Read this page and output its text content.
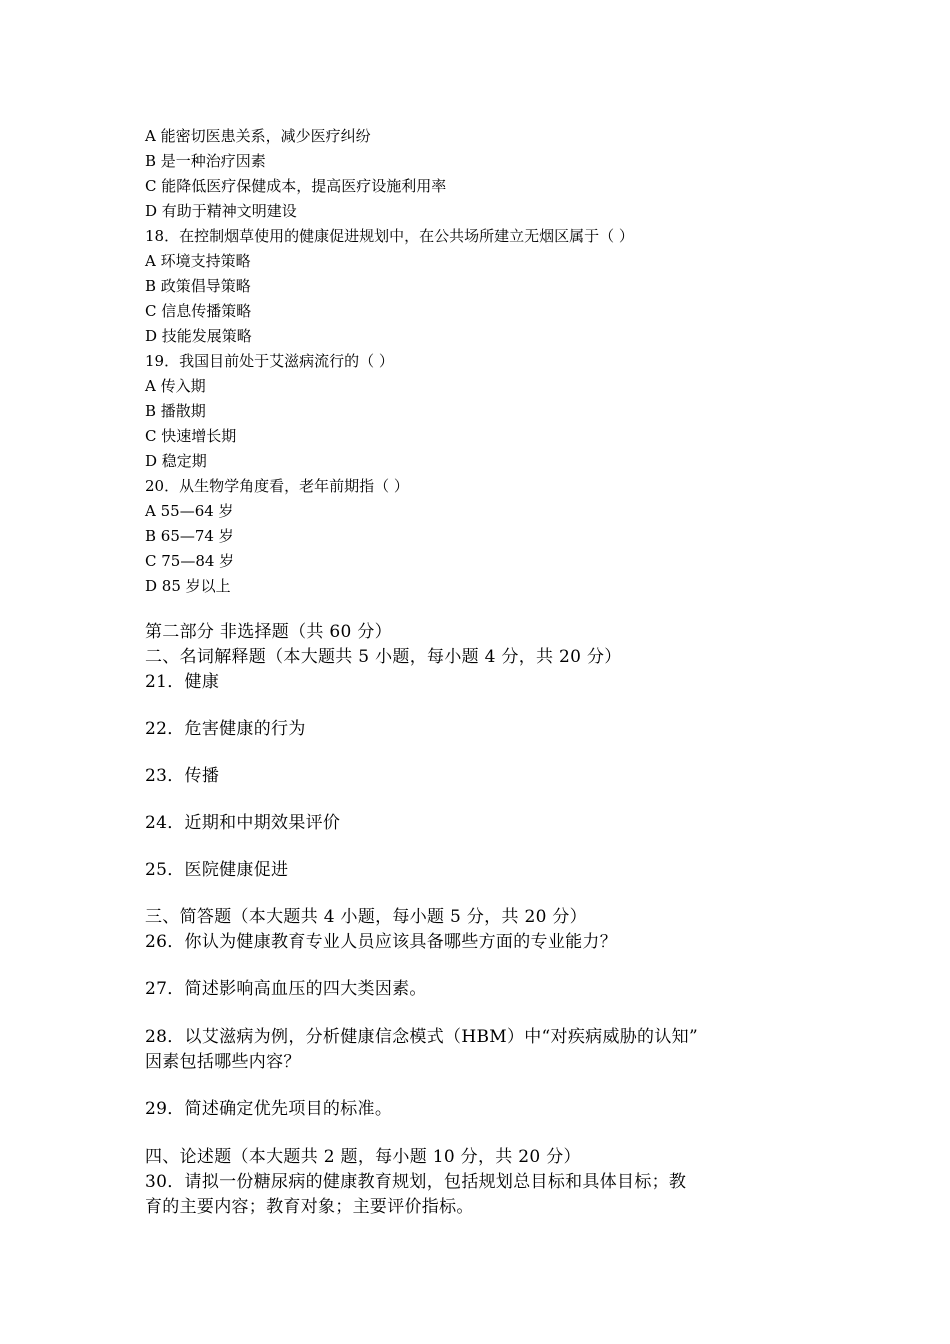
A 能密切医患关系，减少医疗纠纷
B 是一种治疗因素
C 能降低医疗保健成本，提高医疗设施利用率
D 有助于精神文明建设
18．在控制烟草使用的健康促进规划中，在公共场所建立无烟区属于（ ）
A 环境支持策略
B 政策倡导策略
C 信息传播策略
D 技能发展策略
19．我国目前处于艾滋病流行的（ ）
A 传入期
B 播散期
C 快速增长期
D 稳定期
20．从生物学角度看，老年前期指（ ）
A 55—64 岁
B 65—74 岁
C 75—84 岁
D 85 岁以上
第二部分 非选择题（共 60 分）
二、名词解释题（本大题共 5 小题，每小题 4 分，共 20 分）
21．健康
22．危害健康的行为
23．传播
24．近期和中期效果评价
25．医院健康促进
三、简答题（本大题共 4 小题，每小题 5 分，共 20 分）
26．你认为健康教育专业人员应该具备哪些方面的专业能力？
27．简述影响高血压的四大类因素。
28．以艾滋病为例，分析健康信念模式（HBM）中“对疾病威胁的认知”
因素包括哪些内容？
29．简述确定优先项目的标准。
四、论述题（本大题共 2 题，每小题 10 分，共 20 分）
30．请拟一份糖尿病的健康教育规划，包括规划总目标和具体目标；教
育的主要内容；教育对象；主要评价指标。
